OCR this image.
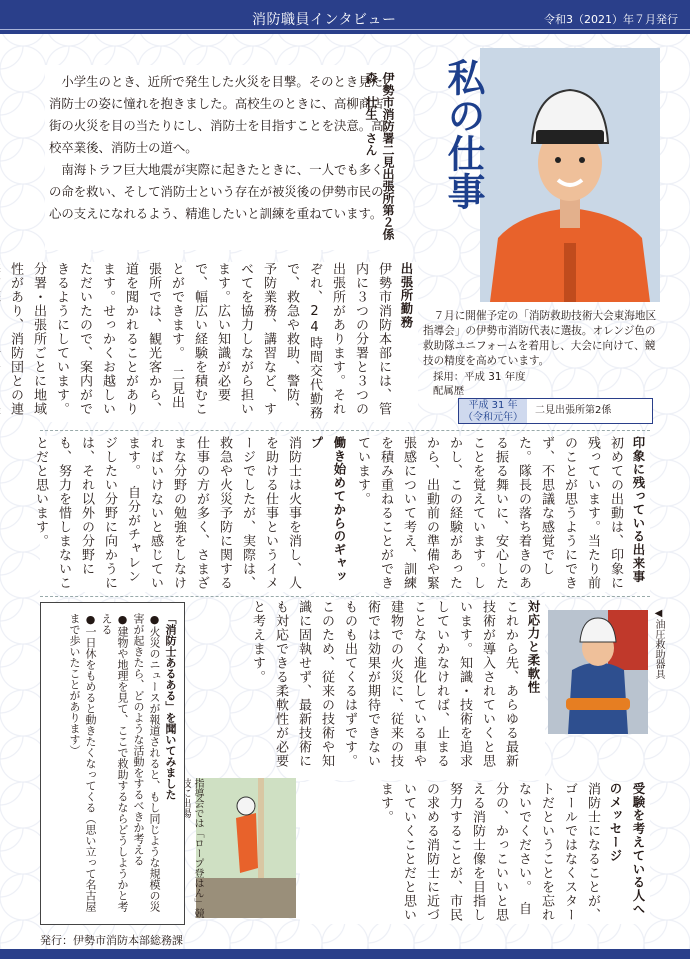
消防職員インタビュー	令和3（2021）年７月発行

小学生のとき、近所で発生した火災を目撃。そのとき見た消防士の姿に憧れを抱きました。高校生のときに、高柳商店街の火災を目の当たりにし、消防士を目指すことを決意。高校卒業後、消防士の道へ。

南海トラフ巨大地震が実際に起きたときに、一人でも多くの命を救い、そして消防士という存在が被災後の伊勢市民の心の支えになれるよう、精進したいと訓練を重ねています。

伊勢市消防署二見出張所第２係
森　壮生　さん	私の仕事
７月に開催予定の「消防救助技術大会東海地区指導会」の伊勢市消防代表に選抜。オレンジ色の救助隊ユニフォームを着用し、大会に向けて、競技の精度を高めています。
採用：平成 31 年度
配属歴
平成 31 年（令和元年）
二見出張所第2係
出張所勤務
伊勢市消防本部には、管内に３つの分署と３つの出張所があります。それぞれ、24時間交代勤務で、救急や救助、警防、予防業務、講習など、すべてを協力しながら担います。広い知識が必要で、幅広い経験を積むことができます。　二見出張所では、観光客から、道を聞かれることがあります。せっかくお越しいただいたので、案内ができるようにしています。分署・出張所ごとに地域性があり、消防団との連
印象に残っている出来事
初めての出動は、印象に残っています。当たり前のことが思うようにできず、不思議な感覚でした。隊長の落ち着きのある振る舞いに、安心したことを覚えています。しかし、この経験があったから、出動前の準備や緊張感について考え、訓練を積み重ねることができています。
働き始めてからのギャップ
消防士は火事を消し、人を助ける仕事というイメージでしたが、実際は、救急や火災予防に関する仕事の方が多く、さまざまな分野の勉強をしなければいけないと感じています。　自分がチャレンジしたい分野に向かうには、それ以外の分野にも、努力を惜しまないことだと思います。
対応力と柔軟性
これから先、あらゆる最新技術が導入されていくと思います。知識・技術を追求していかなければ、止まることなく進化している車や建物での火災に、従来の技術では効果が期待できないものも出てくるはずです。このため、従来の技術や知識に固執せず、最新技術にも対応できる柔軟性が必要と考えます。
受験を考えている人へのメッセージ
消防士になることが、ゴールではなくスタートだということを忘れないでください。　自分の、かっこいいと思える消防士像を目指し努力することが、市民の求める消防士に近づいていくことだと思います。
◀油圧救助器具
指導会では「ロープ登はん」競
「消防士あるある」を聞いてみました
●火災のニュースが報道されると、もし同じような規模の災害が起きたら、どのような活動をするべきか考える
●建物や地理を見て、ここで救助するならどうしようかと考える
●一日休をもめると動きたくなってくる（思い立って名古屋まで歩いたことがあります）
発行：伊勢市消防本部総務課
